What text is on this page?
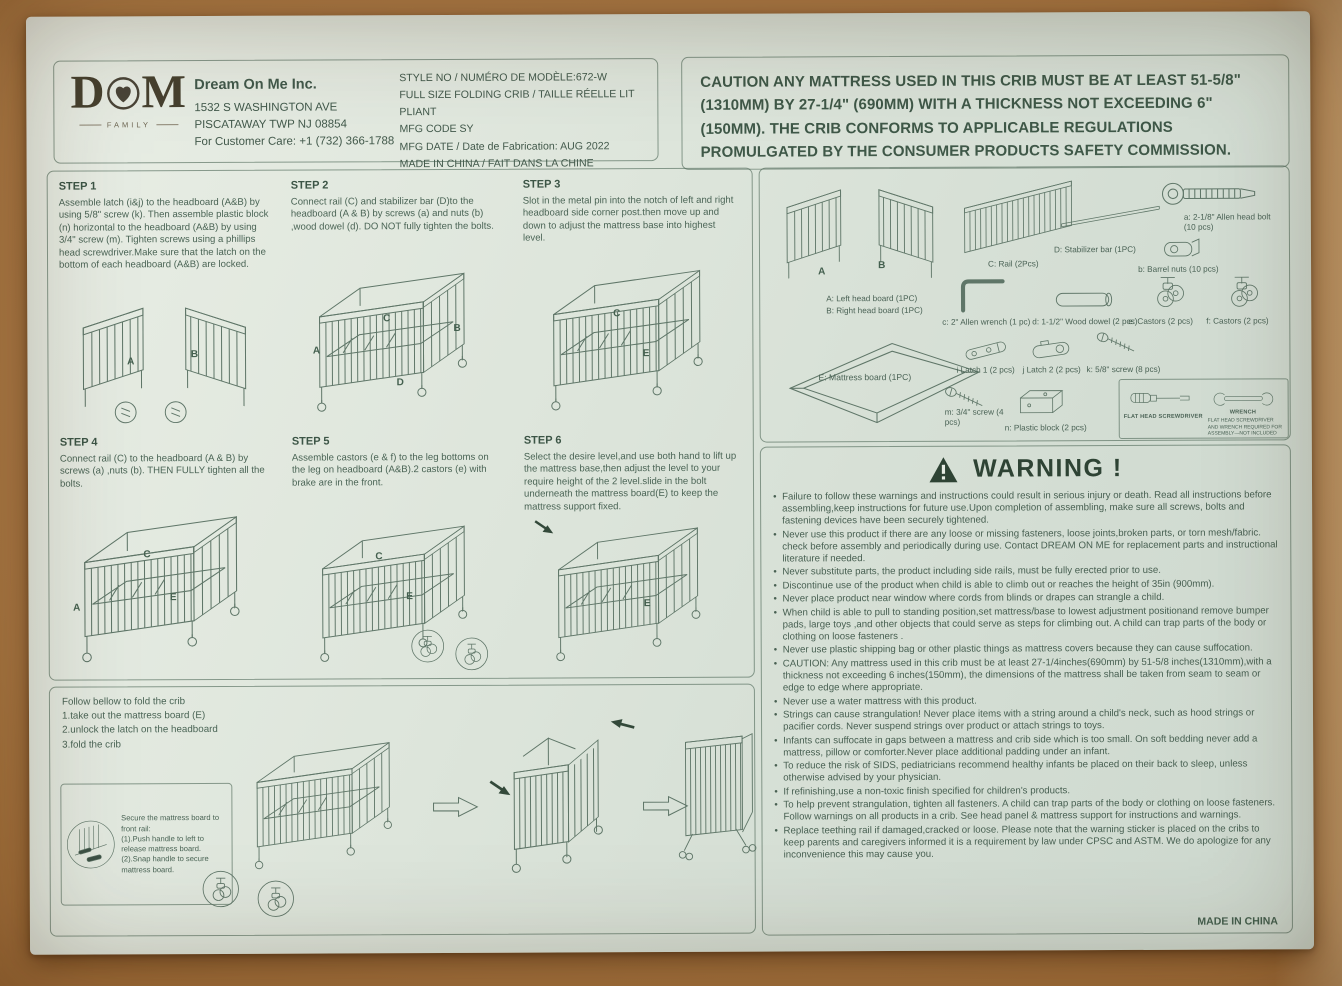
D M
FAMILY
Dream On Me Inc.
1532 S WASHINGTON AVE
PISCATAWAY TWP NJ 08854
For Customer Care: +1 (732) 366-1788
STYLE NO / NUMÉRO DE MODÈLE:672-W
FULL SIZE FOLDING CRIB / TAILLE RÉELLE LIT PLIANT
MFG CODE SY
MFG DATE / Date de Fabrication: AUG 2022
MADE IN CHINA / FAIT DANS LA CHINE
CAUTION ANY MATTRESS USED IN THIS CRIB MUST BE AT LEAST 51-5/8" (1310MM) BY 27-1/4" (690MM) WITH A THICKNESS NOT EXCEEDING 6" (150MM). THE CRIB CONFORMS TO APPLICABLE REGULATIONS PROMULGATED BY THE CONSUMER PRODUCTS SAFETY COMMISSION.
STEP 1

Assemble latch (i&j) to the headboard (A&B) by using 5/8" screw (k). Then assemble plastic block (n) horizontal to the headboard (A&B) by using 3/4" screw (m). Tighten screws using a phillips head screwdriver.Make sure that the latch on the bottom of each headboard (A&B) are locked.

A
B
STEP 2

Connect rail (C) and stabilizer bar (D)to the headboard (A & B) by screws (a) and nuts (b) ,wood dowel (d). DO NOT fully tighten the bolts.

C
B
A
D
STEP 3

Slot in the metal pin into the notch of left and right headboard side corner post.then move up and down to adjust the mattress base into highest level.

C
E
STEP 4

Connect rail (C) to the headboard (A & B) by screws (a) ,nuts (b). THEN FULLY tighten all the bolts.

C
E
A
STEP 5

Assemble castors (e & f) to the leg bottoms on the leg on headboard (A&B).2 castors (e) with brake are in the front.

C
E
STEP 6

Select the desire level,and use both hand to lift up the mattress base,then adjust the level to your require height of the 2 level.slide in the bolt underneath the mattress board(E) to keep the mattress support fixed.

E
Follow bellow to fold the crib
1.take out the mattress board (E)
2.unlock the latch on the headboard
3.fold the crib
Secure the mattress board to front rail:
(1).Push handle to left to release mattress board.
(2).Snap handle to secure mattress board.
A
B
A: Left head board (1PC)
B: Right head board (1PC)
C: Rail (2Pcs)
D: Stabilizer bar (1PC)
a: 2-1/8" Allen head bolt (10 pcs)
b: Barrel nuts (10 pcs)
c: 2" Allen wrench (1 pc) d: 1-1/2" Wood dowel (2 pcs)
e: Castors (2 pcs) f: Castors (2 pcs)
E: Mattress board (1PC)
i Latch 1 (2 pcs) j Latch 2 (2 pcs) k: 5/8" screw (8 pcs)
m: 3/4" screw (4 pcs)
n: Plastic block (2 pcs)
FLAT HEAD SCREWDRIVER
WRENCH
FLAT HEAD SCREWDRIVER AND WRENCH REQUIRED FOR ASSEMBLY—NOT INCLUDED
WARNING !
• Failure to follow these warnings and instructions could result in serious injury or death. Read all instructions before assembling,keep instructions for future use.Upon completion of assembling, make sure all screws, bolts and fastening devices have been securely tightened.
• Never use this product if there are any loose or missing fasteners, loose joints,broken parts, or torn mesh/fabric. check before assembly and periodically during use. Contact DREAM ON ME for replacement parts and instructional literature if needed.
• Never substitute parts, the product including side rails, must be fully erected prior to use.
• Discontinue use of the product when child is able to climb out or reaches the height of 35in (900mm).
• Never place product near window where cords from blinds or drapes can strangle a child.
• When child is able to pull to standing position,set mattress/base to lowest adjustment positionand remove bumper pads, large toys ,and other objects that could serve as steps for climbing out. A child can trap parts of the body or clothing on loose fasteners .
• Never use plastic shipping bag or other plastic things as mattress covers because they can cause suffocation.
• CAUTION: Any mattress used in this crib must be at least 27-1/4inches(690mm) by 51-5/8 inches(1310mm),with a thickness not exceeding 6 inches(150mm), the dimensions of the mattress shall be taken from seam to seam or edge to edge where appropriate.
• Never use a water mattress with this product.
• Strings can cause strangulation! Never place items with a string around a child's neck, such as hood strings or pacifier cords. Never suspend strings over product or attach strings to toys.
• Infants can suffocate in gaps between a mattress and crib side which is too small. On soft bedding never add a mattress, pillow or comforter.Never place additional padding under an infant.
• To reduce the risk of SIDS, pediatricians recommend healthy infants be placed on their back to sleep, unless otherwise advised by your physician.
• If refinishing,use a non-toxic finish specified for children's products.
• To help prevent strangulation, tighten all fasteners. A child can trap parts of the body or clothing on loose fasteners. Follow warnings on all products in a crib. See head panel & mattress support for instructions and warnings.
• Replace teething rail if damaged,cracked or loose. Please note that the warning sticker is placed on the cribs to keep parents and caregivers informed it is a requirement by law under CPSC and ASTM. We do apologize for any inconvenience this may cause you.
MADE IN CHINA
